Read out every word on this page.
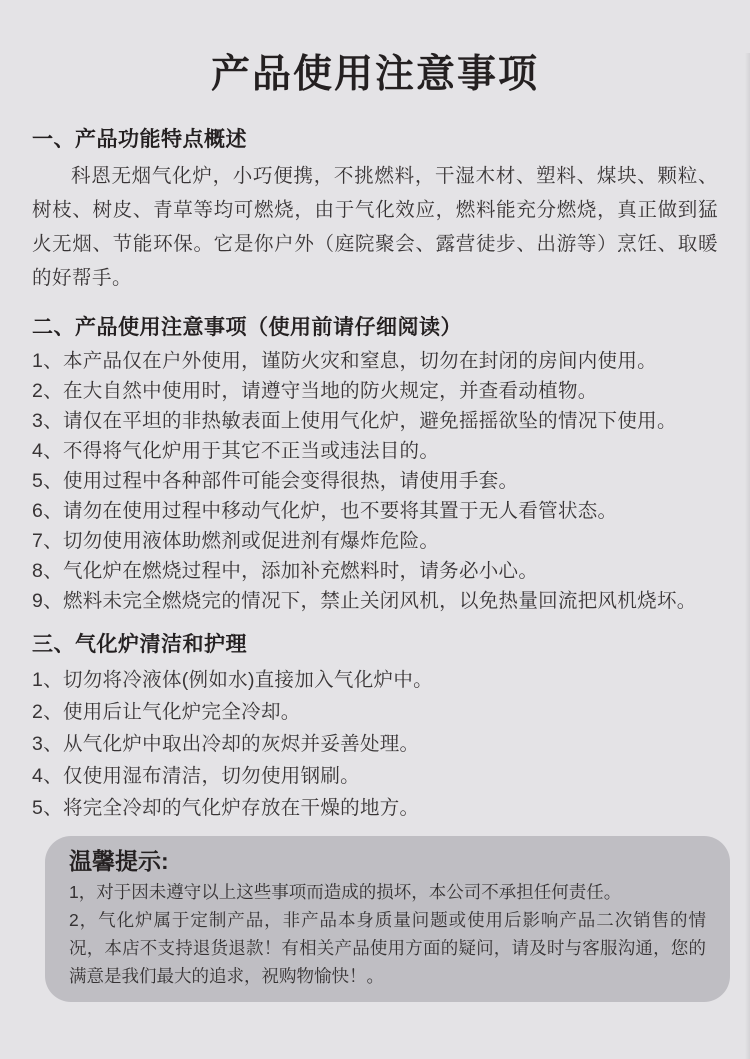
产品使用注意事项
一、产品功能特点概述

科恩无烟气化炉，小巧便携，不挑燃料，干湿木材、塑料、煤块、颗粒、树枝、树皮、青草等均可燃烧，由于气化效应，燃料能充分燃烧，真正做到猛火无烟、节能环保。它是你户外（庭院聚会、露营徒步、出游等）烹饪、取暖的好帮手。

二、产品使用注意事项（使用前请仔细阅读）
1、本产品仅在户外使用，谨防火灾和窒息，切勿在封闭的房间内使用。
2、在大自然中使用时，请遵守当地的防火规定，并查看动植物。
3、请仅在平坦的非热敏表面上使用气化炉，避免摇摇欲坠的情况下使用。
4、不得将气化炉用于其它不正当或违法目的。
5、使用过程中各种部件可能会变得很热，请使用手套。
6、请勿在使用过程中移动气化炉，也不要将其置于无人看管状态。
7、切勿使用液体助燃剂或促进剂有爆炸危险。
8、气化炉在燃烧过程中，添加补充燃料时，请务必小心。
9、燃料未完全燃烧完的情况下，禁止关闭风机，以免热量回流把风机烧坏。
三、气化炉清洁和护理
1、切勿将冷液体(例如水)直接加入气化炉中。
2、使用后让气化炉完全冷却。
3、从气化炉中取出冷却的灰烬并妥善处理。
4、仅使用湿布清洁，切勿使用钢刷。
5、将完全冷却的气化炉存放在干燥的地方。
温馨提示:
1，对于因未遵守以上这些事项而造成的损坏，本公司不承担任何责任。
2，气化炉属于定制产品，非产品本身质量问题或使用后影响产品二次销售的情况，本店不支持退货退款！有相关产品使用方面的疑问，请及时与客服沟通，您的满意是我们最大的追求，祝购物愉快！。
